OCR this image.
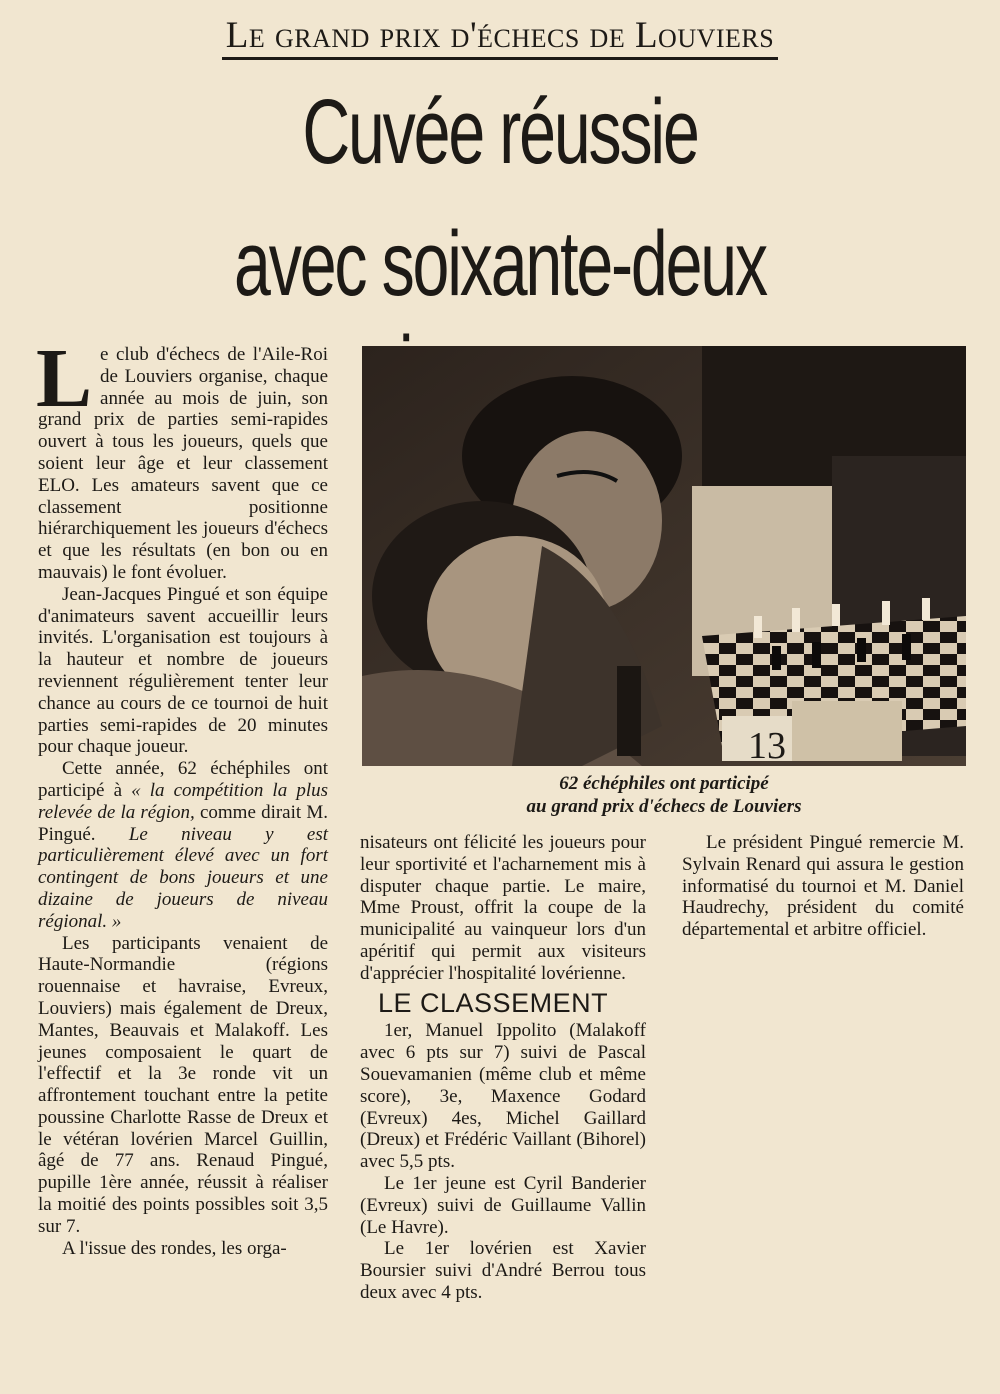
Le grand prix d'échecs de Louviers
Cuvée réussie
avec soixante-deux

Le club d'échecs de l'Aile-Roi de Louviers organise, chaque année au mois de juin, son grand prix de parties semi-rapides ouvert à tous les joueurs, quels que soient leur âge et leur classement ELO. Les amateurs savent que ce classement positionne hiérarchiquement les joueurs d'échecs et que les résultats (en bon ou en mauvais) le font évoluer.

Jean-Jacques Pingué et son équipe d'animateurs savent accueillir leurs invités. L'organisation est toujours à la hauteur et nombre de joueurs reviennent régulièrement tenter leur chance au cours de ce tournoi de huit parties semi-rapides de 20 minutes pour chaque joueur.

Cette année, 62 échéphiles ont participé à « la compétition la plus relevée de la région, comme dirait M. Pingué. Le niveau y est particulièrement élevé avec un fort contingent de bons joueurs et une dizaine de joueurs de niveau régional. »

Les participants venaient de Haute-Normandie (régions rouennaise et havraise, Evreux, Louviers) mais également de Dreux, Mantes, Beauvais et Malakoff. Les jeunes composaient le quart de l'effectif et la 3e ronde vit un affrontement touchant entre la petite poussine Charlotte Rasse de Dreux et le vétéran lovérien Marcel Guillin, âgé de 77 ans. Renaud Pingué, pupille 1ère année, réussit à réaliser la moitié des points possibles soit 3,5 sur 7.

A l'issue des rondes, les orga-

13
62 échéphiles ont participé
au grand prix d'échecs de Louviers

nisateurs ont félicité les joueurs pour leur sportivité et l'acharnement mis à disputer chaque partie. Le maire, Mme Proust, offrit la coupe de la municipalité au vainqueur lors d'un apéritif qui permit aux visiteurs d'apprécier l'hospitalité lovérienne.

LE CLASSEMENT

1er, Manuel Ippolito (Malakoff avec 6 pts sur 7) suivi de Pascal Souevamanien (même club et même score), 3e, Maxence Godard (Evreux) 4es, Michel Gaillard (Dreux) et Frédéric Vaillant (Bihorel) avec 5,5 pts.

Le 1er jeune est Cyril Banderier (Evreux) suivi de Guillaume Vallin (Le Havre).

Le 1er lovérien est Xavier Boursier suivi d'André Berrou tous deux avec 4 pts.

Le président Pingué remercie M. Sylvain Renard qui assura le gestion informatisé du tournoi et M. Daniel Haudrechy, président du comité départemental et arbitre officiel.
